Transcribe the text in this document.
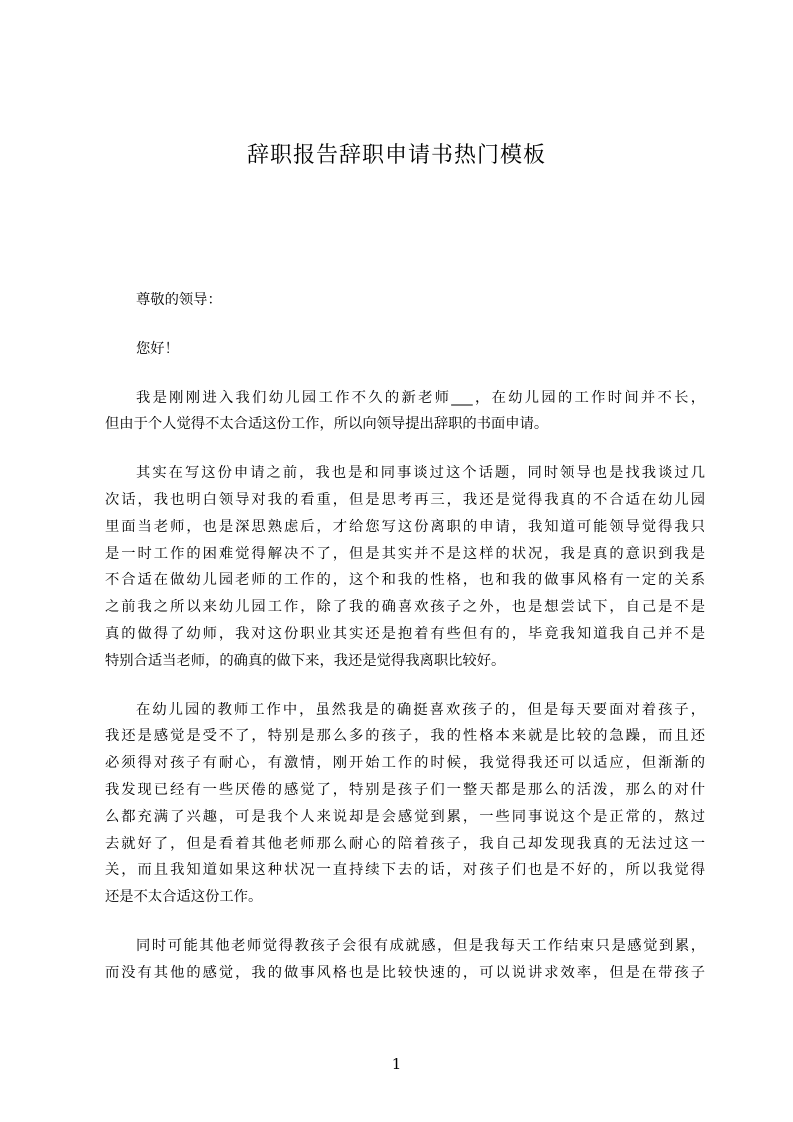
辞职报告辞职申请书热门模板
尊敬的领导：
您好！
我是刚刚进入我们幼儿园工作不久的新老师___，在幼儿园的工作时间并不长，
但由于个人觉得不太合适这份工作，所以向领导提出辞职的书面申请。
其实在写这份申请之前，我也是和同事谈过这个话题，同时领导也是找我谈过几
次话，我也明白领导对我的看重，但是思考再三，我还是觉得我真的不合适在幼儿园
里面当老师，也是深思熟虑后，才给您写这份离职的申请，我知道可能领导觉得我只
是一时工作的困难觉得解决不了，但是其实并不是这样的状况，我是真的意识到我是
不合适在做幼儿园老师的工作的，这个和我的性格，也和我的做事风格有一定的关系
之前我之所以来幼儿园工作，除了我的确喜欢孩子之外，也是想尝试下，自己是不是
真的做得了幼师，我对这份职业其实还是抱着有些但有的，毕竟我知道我自己并不是
特别合适当老师，的确真的做下来，我还是觉得我离职比较好。
在幼儿园的教师工作中，虽然我是的确挺喜欢孩子的，但是每天要面对着孩子，
我还是感觉是受不了，特别是那么多的孩子，我的性格本来就是比较的急躁，而且还
必须得对孩子有耐心，有激情，刚开始工作的时候，我觉得我还可以适应，但渐渐的
我发现已经有一些厌倦的感觉了，特别是孩子们一整天都是那么的活泼，那么的对什
么都充满了兴趣，可是我个人来说却是会感觉到累，一些同事说这个是正常的，熬过
去就好了，但是看着其他老师那么耐心的陪着孩子，我自己却发现我真的无法过这一
关，而且我知道如果这种状况一直持续下去的话，对孩子们也是不好的，所以我觉得
还是不太合适这份工作。
同时可能其他老师觉得教孩子会很有成就感，但是我每天工作结束只是感觉到累，
而没有其他的感觉，我的做事风格也是比较快速的，可以说讲求效率，但是在带孩子
1
